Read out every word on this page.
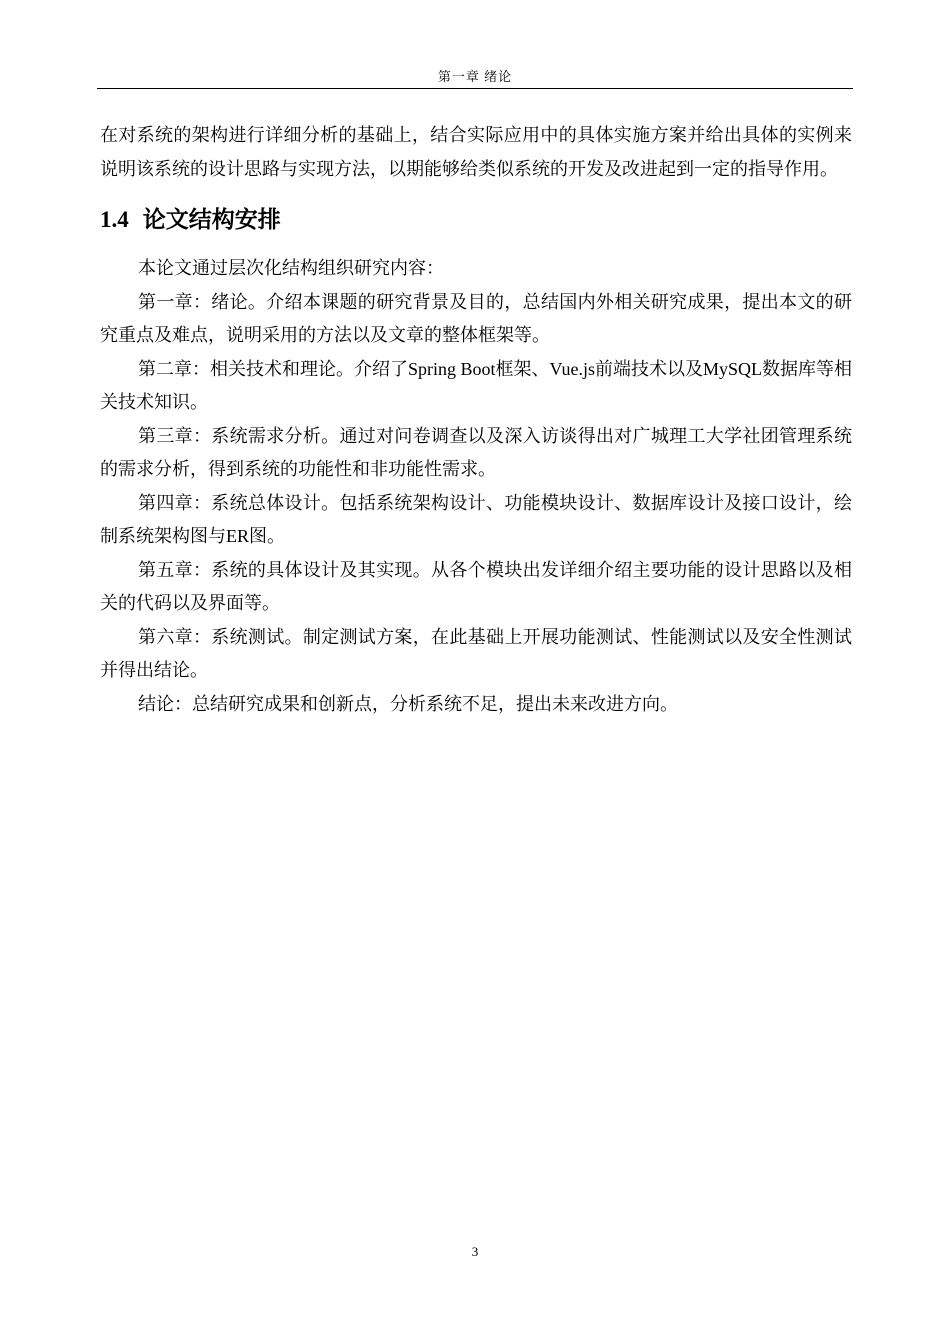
第一章 绪论

在对系统的架构进行详细分析的基础上，结合实际应用中的具体实施方案并给出具体的实例来说明该系统的设计思路与实现方法，以期能够给类似系统的开发及改进起到一定的指导作用。

1.4 论文结构安排

本论文通过层次化结构组织研究内容：

第一章：绪论。介绍本课题的研究背景及目的，总结国内外相关研究成果，提出本文的研究重点及难点，说明采用的方法以及文章的整体框架等。

第二章：相关技术和理论。介绍了Spring Boot框架、Vue.js前端技术以及MySQL数据库等相关技术知识。

第三章：系统需求分析。通过对问卷调查以及深入访谈得出对广城理工大学社团管理系统的需求分析，得到系统的功能性和非功能性需求。

第四章：系统总体设计。包括系统架构设计、功能模块设计、数据库设计及接口设计，绘制系统架构图与ER图。

第五章：系统的具体设计及其实现。从各个模块出发详细介绍主要功能的设计思路以及相关的代码以及界面等。

第六章：系统测试。制定测试方案，在此基础上开展功能测试、性能测试以及安全性测试并得出结论。

结论：总结研究成果和创新点，分析系统不足，提出未来改进方向。

3
